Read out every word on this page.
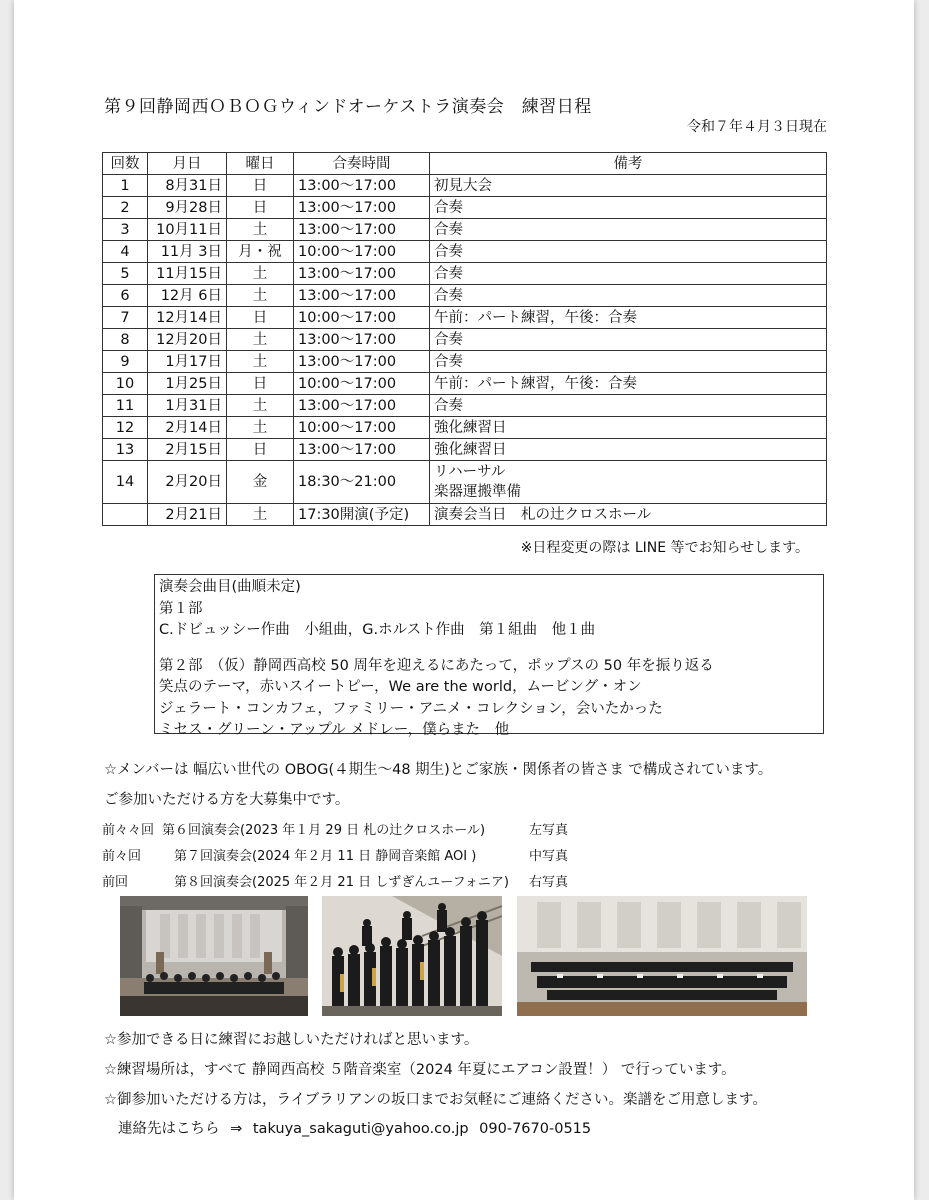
第９回静岡西ＯＢＯＧウィンドオーケストラ演奏会　練習日程
令和７年４月３日現在
回数	月日	曜日	合奏時間	備考
1	8月31日	日	13:00～17:00	初見大会
2	9月28日	日	13:00～17:00	合奏
3	10月11日	土	13:00～17:00	合奏
4	11月 3日	月・祝	10:00～17:00	合奏
5	11月15日	土	13:00～17:00	合奏
6	12月 6日	土	13:00～17:00	合奏
7	12月14日	日	10:00～17:00	午前：パート練習，午後：合奏
8	12月20日	土	13:00～17:00	合奏
9	1月17日	土	13:00～17:00	合奏
10	1月25日	日	10:00～17:00	午前：パート練習，午後：合奏
11	1月31日	土	13:00～17:00	合奏
12	2月14日	土	10:00～17:00	強化練習日
13	2月15日	日	13:00～17:00	強化練習日
14	2月20日	金	18:30～21:00	リハーサル
楽器運搬準備

	2月21日	土	17:30開演(予定)	演奏会当日　札の辻クロスホール
※日程変更の際は LINE 等でお知らせします。
演奏会曲目(曲順未定)
第１部
C.ドビュッシー作曲　小組曲，G.ホルスト作曲　第１組曲　他１曲
第２部　（仮）静岡西高校 50 周年を迎えるにあたって，ポップスの 50 年を振り返る
笑点のテーマ，赤いスイートピー，We are the world，ムービング・オン
ジェラート・コンカフェ，ファミリー・アニメ・コレクション，会いたかった
ミセス・グリーン・アップル メドレー，僕らまた　他
☆メンバーは 幅広い世代の OBOG(４期生～48 期生)とご家族・関係者の皆さま で構成されています。
ご参加いただける方を大募集中です。
前々々回 第６回演奏会(2023 年１月 29 日 札の辻クロスホール)	左写真
前々回	第７回演奏会(2024 年２月 11 日 静岡音楽館 AOI )	中写真
前回	第８回演奏会(2025 年２月 21 日 しずぎんユーフォニア) 右写真
☆参加できる日に練習にお越しいただければと思います。
☆練習場所は，すべて 静岡西高校 ５階音楽室（2024 年夏にエアコン設置！） で行っています。
☆御参加いただける方は，ライブラリアンの坂口までお気軽にご連絡ください。楽譜をご用意します。
連絡先はこちら ⇒ takuya_sakaguti@yahoo.co.jp 090-7670-0515
